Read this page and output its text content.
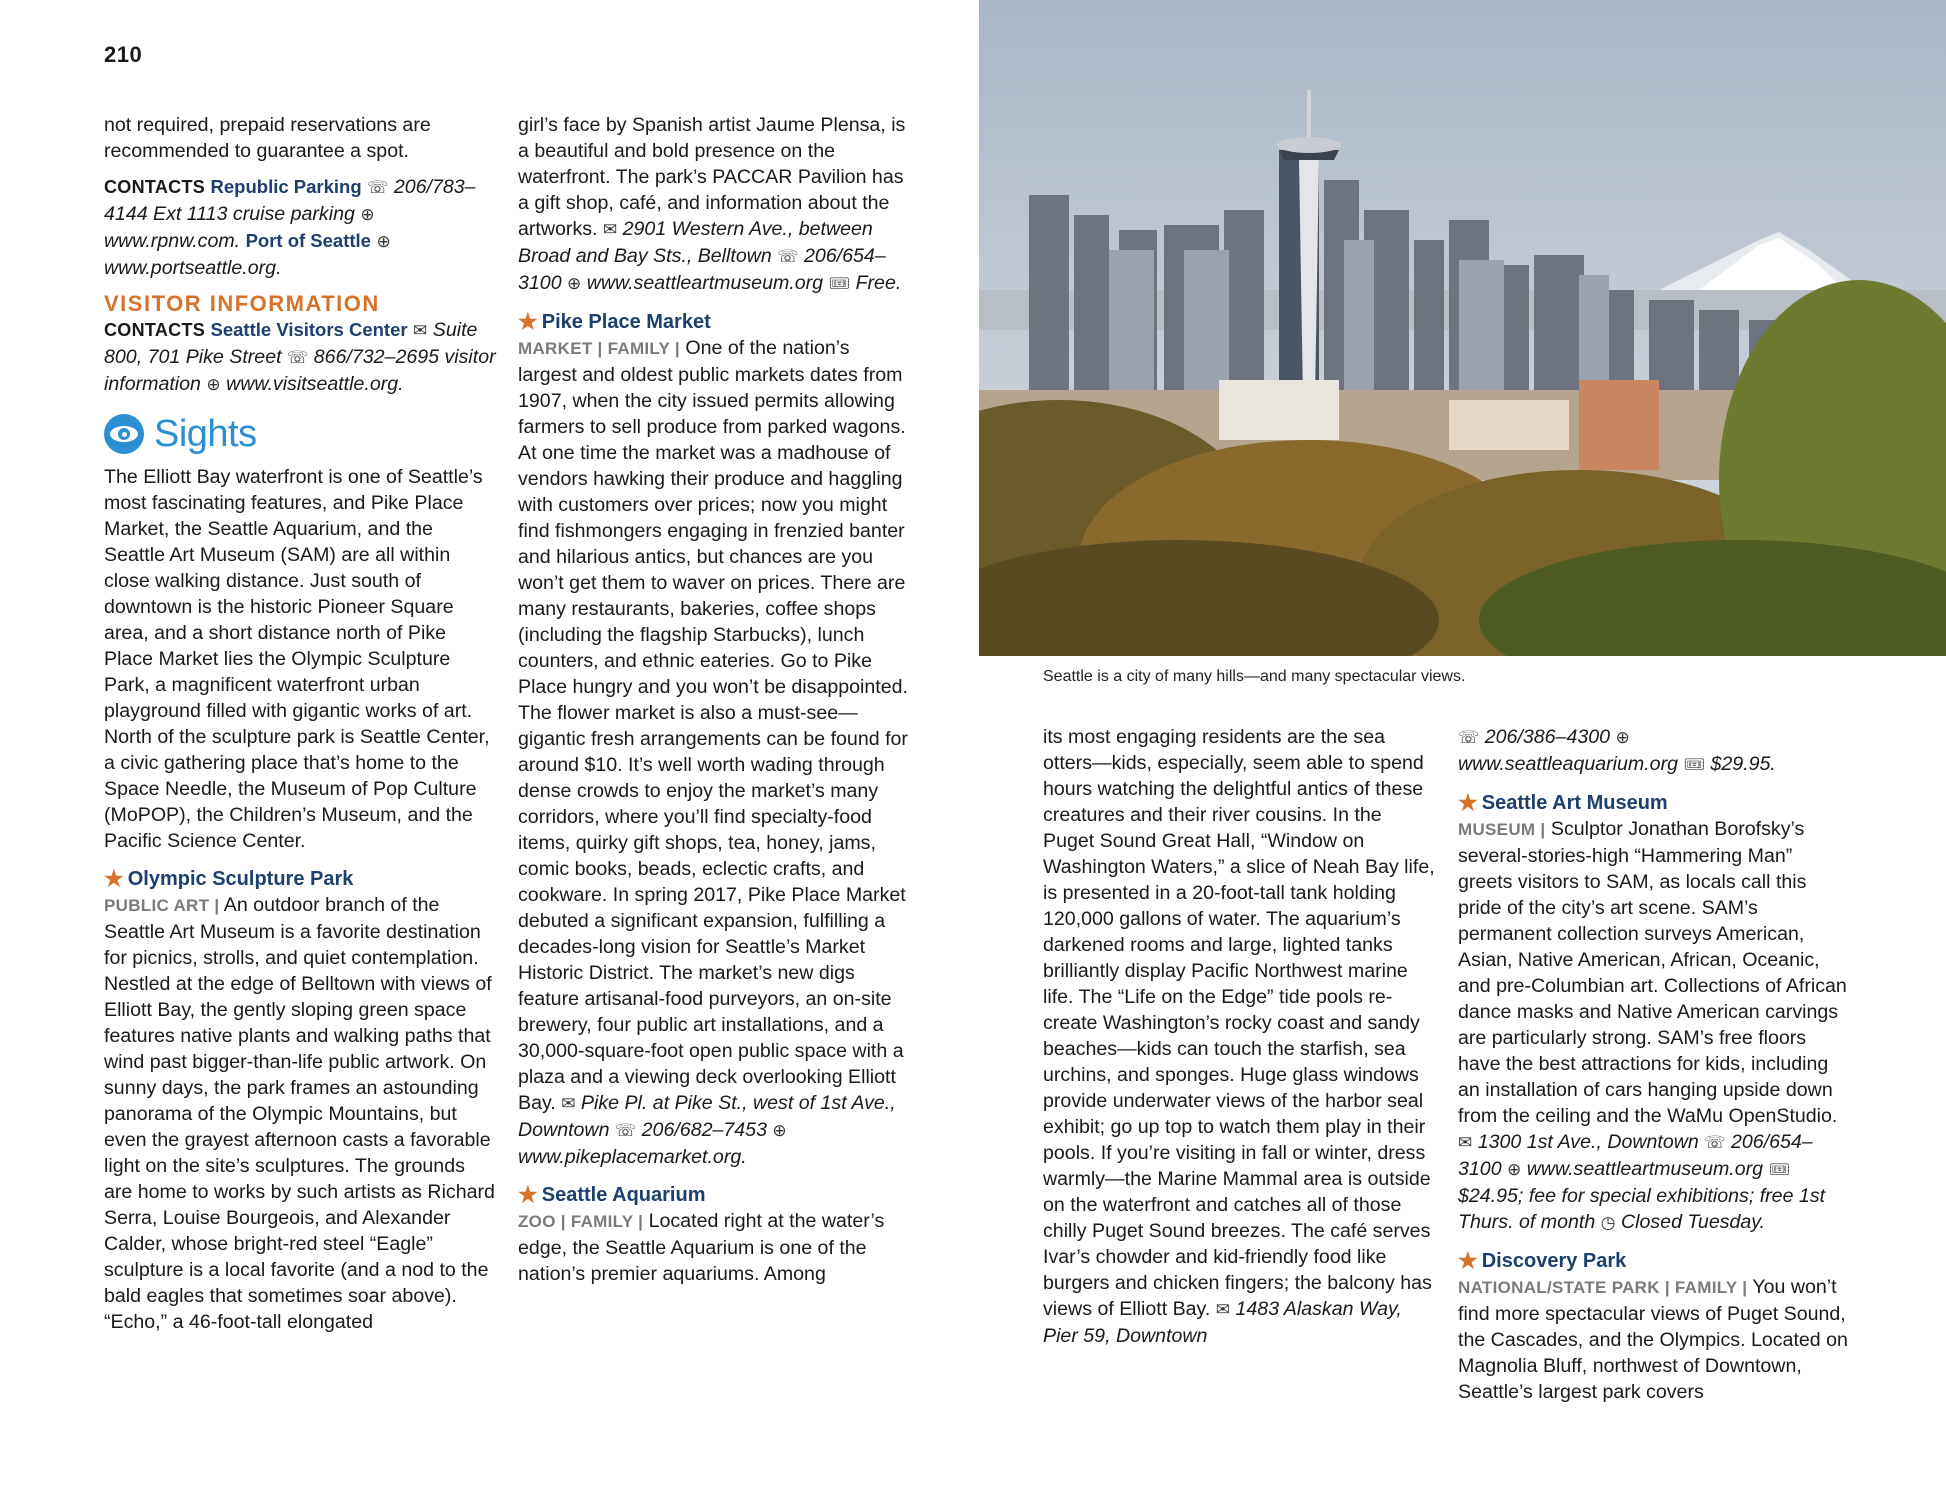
210

not required, prepaid reservations are recommended to guarantee a spot.

CONTACTS Republic Parking ☏ 206/783–4144 Ext 1113 cruise parking ⊕ www.rpnw.com. Port of Seattle ⊕ www.portseattle.org.

VISITOR INFORMATION

CONTACTS Seattle Visitors Center ✉ Suite 800, 701 Pike Street ☏ 866/732–2695 visitor information ⊕ www.visitseattle.org.

Sights

The Elliott Bay waterfront is one of Seattle’s most fascinating features, and Pike Place Market, the Seattle Aquarium, and the Seattle Art Museum (SAM) are all within close walking distance. Just south of downtown is the historic Pioneer Square area, and a short distance north of Pike Place Market lies the Olympic Sculpture Park, a magnificent waterfront urban playground filled with gigantic works of art. North of the sculpture park is Seattle Center, a civic gathering place that’s home to the Space Needle, the Museum of Pop Culture (MoPOP), the Children’s Museum, and the Pacific Science Center.

★ Olympic Sculpture Park

PUBLIC ART | An outdoor branch of the Seattle Art Museum is a favorite destination for picnics, strolls, and quiet contemplation. Nestled at the edge of Belltown with views of Elliott Bay, the gently sloping green space features native plants and walking paths that wind past bigger-than-life public artwork. On sunny days, the park frames an astounding panorama of the Olympic Mountains, but even the grayest afternoon casts a favorable light on the site’s sculptures. The grounds are home to works by such artists as Richard Serra, Louise Bourgeois, and Alexander Calder, whose bright-red steel “Eagle” sculpture is a local favorite (and a nod to the bald eagles that sometimes soar above). “Echo,” a 46-foot-tall elongated

girl’s face by Spanish artist Jaume Plensa, is a beautiful and bold presence on the waterfront. The park’s PACCAR Pavilion has a gift shop, café, and information about the artworks. ✉ 2901 Western Ave., between Broad and Bay Sts., Belltown ☏ 206/654–3100 ⊕ www.seattleartmuseum.org 🎟 Free.

★ Pike Place Market

MARKET | FAMILY | One of the nation’s largest and oldest public markets dates from 1907, when the city issued permits allowing farmers to sell produce from parked wagons. At one time the market was a madhouse of vendors hawking their produce and haggling with customers over prices; now you might find fishmongers engaging in frenzied banter and hilarious antics, but chances are you won’t get them to waver on prices. There are many restaurants, bakeries, coffee shops (including the flagship Starbucks), lunch counters, and ethnic eateries. Go to Pike Place hungry and you won’t be disappointed. The flower market is also a must-see—gigantic fresh arrangements can be found for around $10. It’s well worth wading through dense crowds to enjoy the market’s many corridors, where you’ll find specialty-food items, quirky gift shops, tea, honey, jams, comic books, beads, eclectic crafts, and cookware. In spring 2017, Pike Place Market debuted a significant expansion, fulfilling a decades-long vision for Seattle’s Market Historic District. The market’s new digs feature artisanal-food purveyors, an on-site brewery, four public art installations, and a 30,000-square-foot open public space with a plaza and a viewing deck overlooking Elliott Bay. ✉ Pike Pl. at Pike St., west of 1st Ave., Downtown ☏ 206/682–7453 ⊕ www.pikeplacemarket.org.

★ Seattle Aquarium

ZOO | FAMILY | Located right at the water’s edge, the Seattle Aquarium is one of the nation’s premier aquariums. Among

Seattle is a city of many hills—and many spectacular views.

its most engaging residents are the sea otters—kids, especially, seem able to spend hours watching the delightful antics of these creatures and their river cousins. In the Puget Sound Great Hall, “Window on Washington Waters,” a slice of Neah Bay life, is presented in a 20-foot-tall tank holding 120,000 gallons of water. The aquarium’s darkened rooms and large, lighted tanks brilliantly display Pacific Northwest marine life. The “Life on the Edge” tide pools re-create Washington’s rocky coast and sandy beaches—kids can touch the starfish, sea urchins, and sponges. Huge glass windows provide underwater views of the harbor seal exhibit; go up top to watch them play in their pools. If you’re visiting in fall or winter, dress warmly—the Marine Mammal area is outside on the waterfront and catches all of those chilly Puget Sound breezes. The café serves Ivar’s chowder and kid-friendly food like burgers and chicken fingers; the balcony has views of Elliott Bay. ✉ 1483 Alaskan Way, Pier 59, Downtown

☏ 206/386–4300 ⊕ www.seattleaquarium.org 🎟 $29.95.

★ Seattle Art Museum

MUSEUM | Sculptor Jonathan Borofsky’s several-stories-high “Hammering Man” greets visitors to SAM, as locals call this pride of the city’s art scene. SAM’s permanent collection surveys American, Asian, Native American, African, Oceanic, and pre-Columbian art. Collections of African dance masks and Native American carvings are particularly strong. SAM’s free floors have the best attractions for kids, including an installation of cars hanging upside down from the ceiling and the WaMu OpenStudio. ✉ 1300 1st Ave., Downtown ☏ 206/654–3100 ⊕ www.seattleartmuseum.org 🎟 $24.95; fee for special exhibitions; free 1st Thurs. of month ◷ Closed Tuesday.

★ Discovery Park

NATIONAL/STATE PARK | FAMILY | You won’t find more spectacular views of Puget Sound, the Cascades, and the Olympics. Located on Magnolia Bluff, northwest of Downtown, Seattle’s largest park covers
